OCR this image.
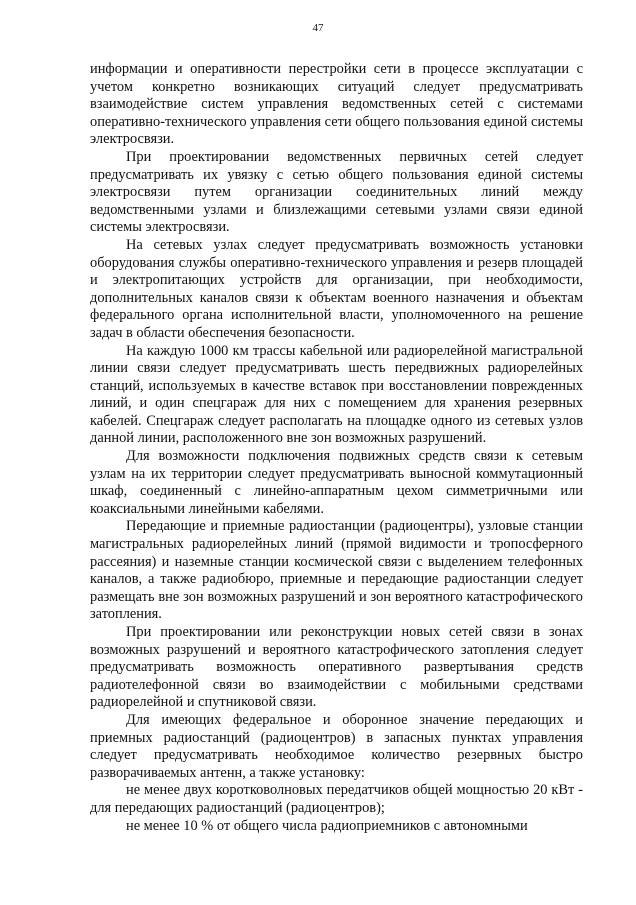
47

информации и оперативности перестройки сети в процессе эксплуатации с учетом конкретно возникающих ситуаций следует предусматривать взаимодействие систем управления ведомственных сетей с системами оперативно-технического управления сети общего пользования единой системы электросвязи.

При проектировании ведомственных первичных сетей следует предусматривать их увязку с сетью общего пользования единой системы электросвязи путем организации соединительных линий между ведомственными узлами и близлежащими сетевыми узлами связи единой системы электросвязи.

На сетевых узлах следует предусматривать возможность установки оборудования службы оперативно-технического управления и резерв площадей и электропитающих устройств для организации, при необходимости, дополнительных каналов связи к объектам военного назначения и объектам федерального органа исполнительной власти, уполномоченного на решение задач в области обеспечения безопасности.

На каждую 1000 км трассы кабельной или радиорелейной магистральной линии связи следует предусматривать шесть передвижных радиорелейных станций, используемых в качестве вставок при восстановлении поврежденных линий, и один спецгараж для них с помещением для хранения резервных кабелей. Спецгараж следует располагать на площадке одного из сетевых узлов данной линии, расположенного вне зон возможных разрушений.

Для возможности подключения подвижных средств связи к сетевым узлам на их территории следует предусматривать выносной коммутационный шкаф, соединенный с линейно-аппаратным цехом симметричными или коаксиальными линейными кабелями.

Передающие и приемные радиостанции (радиоцентры), узловые станции магистральных радиорелейных линий (прямой видимости и тропосферного рассеяния) и наземные станции космической связи с выделением телефонных каналов, а также радиобюро, приемные и передающие радиостанции следует размещать вне зон возможных разрушений и зон вероятного катастрофического затопления.

При проектировании или реконструкции новых сетей связи в зонах возможных разрушений и вероятного катастрофического затопления следует предусматривать возможность оперативного развертывания средств радиотелефонной связи во взаимодействии с мобильными средствами радиорелейной и спутниковой связи.

Для имеющих федеральное и оборонное значение передающих и приемных радиостанций (радиоцентров) в запасных пунктах управления следует предусматривать необходимое количество резервных быстро разворачиваемых антенн, а также установку:

не менее двух коротковолновых передатчиков общей мощностью 20 кВт - для передающих радиостанций (радиоцентров);

не менее 10 % от общего числа радиоприемников с автономными
